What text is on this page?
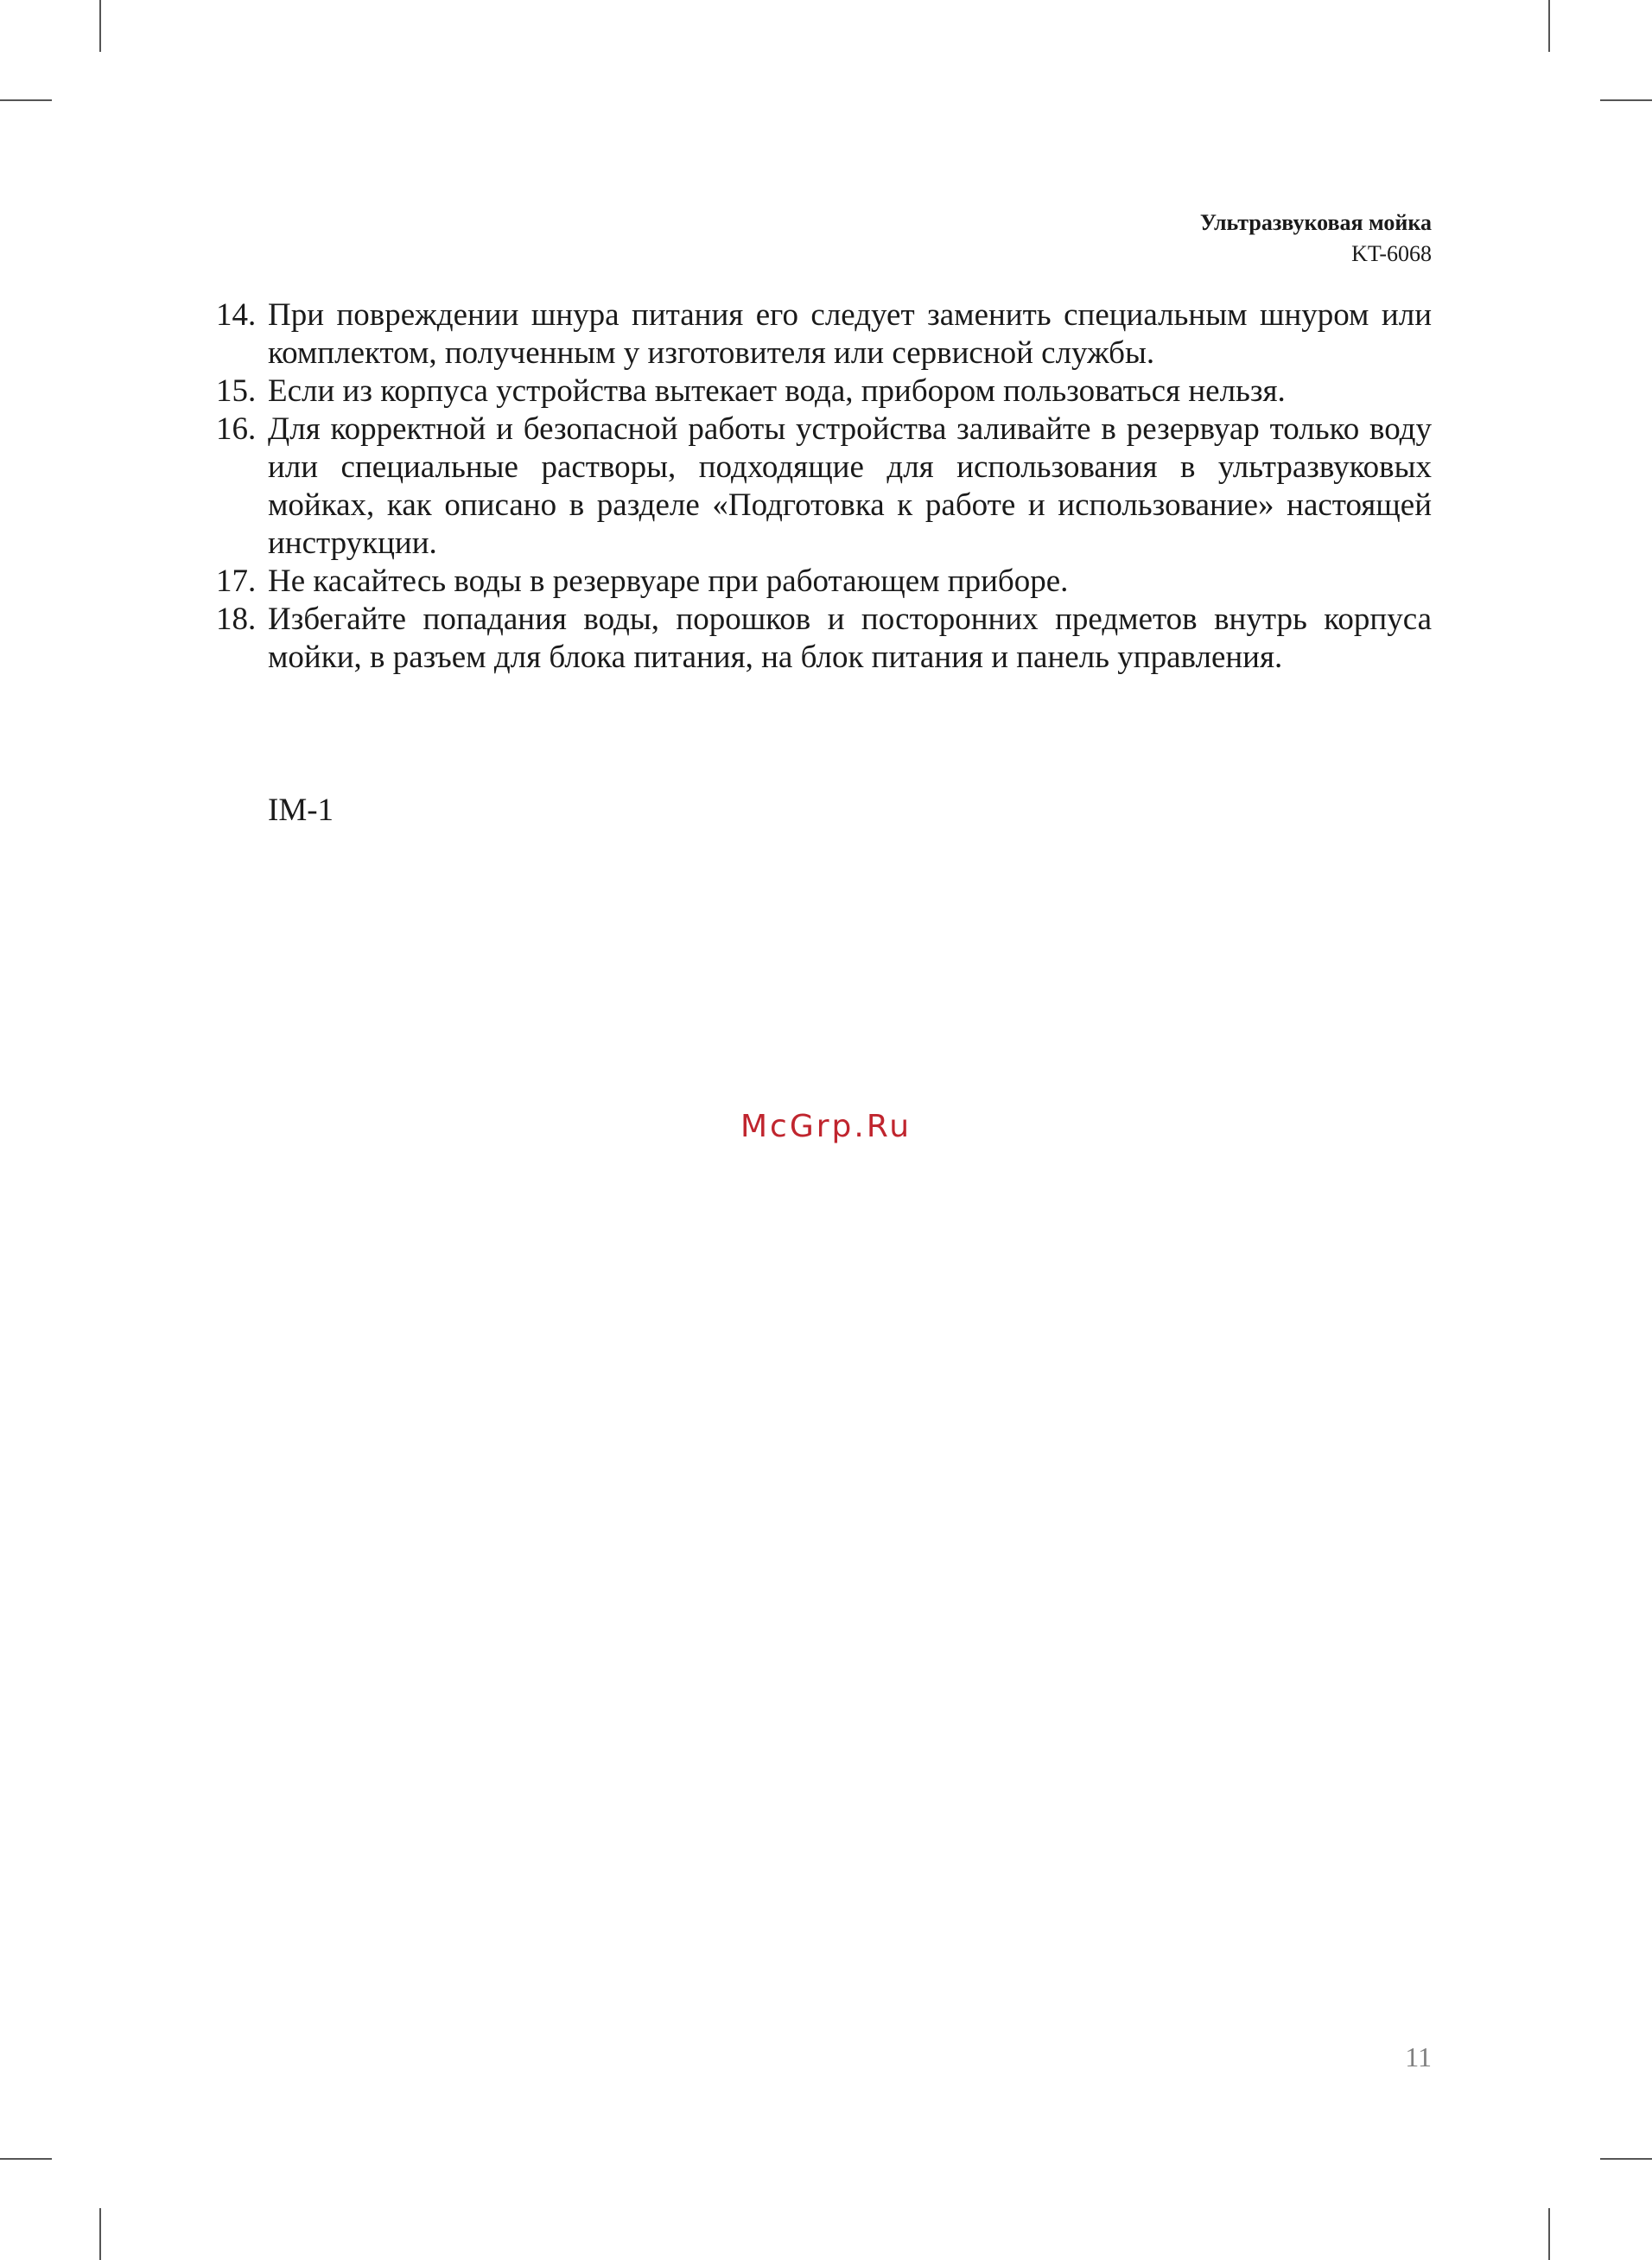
Ультразвуковая мойка
KT-6068
14. При повреждении шнура питания его следует заменить специальным шнуром или комплектом, полученным у изготовителя или сервисной службы.
15. Если из корпуса устройства вытекает вода, прибором пользоваться нельзя.
16. Для корректной и безопасной работы устройства заливайте в резервуар только воду или специальные растворы, подходящие для использования в ультразвуковых мойках, как описано в разделе «Подготовка к работе и использование» настоящей инструкции.
17. Не касайтесь воды в резервуаре при работающем приборе.
18. Избегайте попадания воды, порошков и посторонних предметов внутрь корпуса мойки, в разъем для блока питания, на блок питания и панель управления.
IM-1
McGrp.Ru
11
